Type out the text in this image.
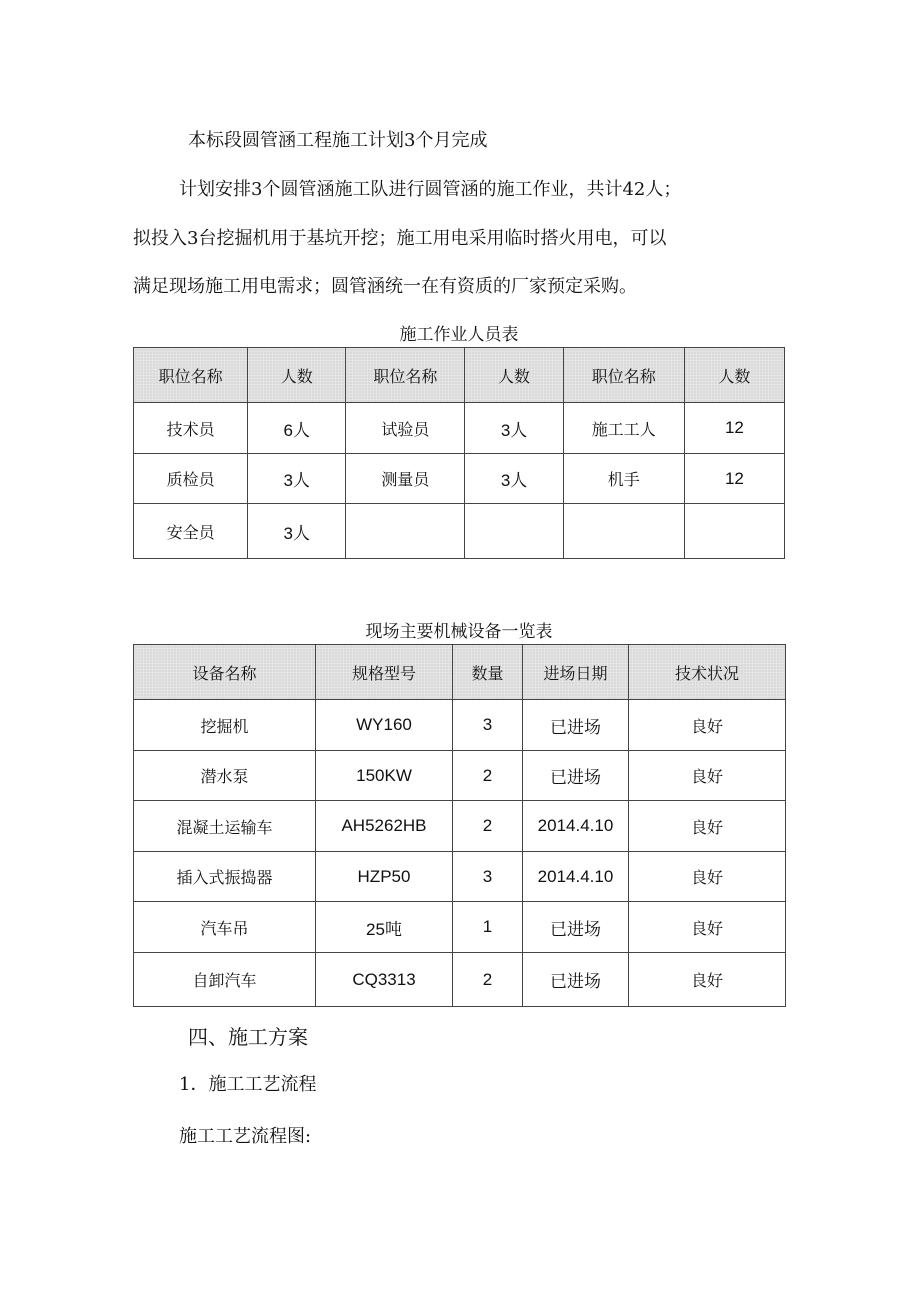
本标段圆管涵工程施工计划3个月完成
计划安排3个圆管涵施工队进行圆管涵的施工作业，共计42人；
拟投入3台挖掘机用于基坑开挖；施工用电采用临时搭火用电，可以
满足现场施工用电需求；圆管涵统一在有资质的厂家预定采购。
施工作业人员表
职位名称	人数	职位名称	人数	职位名称	人数
技术员	6人	试验员	3人	施工工人	12
质检员	3人	测量员	3人	机手	12
安全员	3人				
现场主要机械设备一览表
设备名称	规格型号	数量	进场日期	技术状况
挖掘机	WY160	3	已进场	良好
潜水泵	150KW	2	已进场	良好
混凝土运输车	AH5262HB	2	2014.4.10	良好
插入式振捣器	HZP50	3	2014.4.10	良好
汽车吊	25吨	1	已进场	良好
自卸汽车	CQ3313	2	已进场	良好
四、施工方案
1．施工工艺流程
施工工艺流程图:
